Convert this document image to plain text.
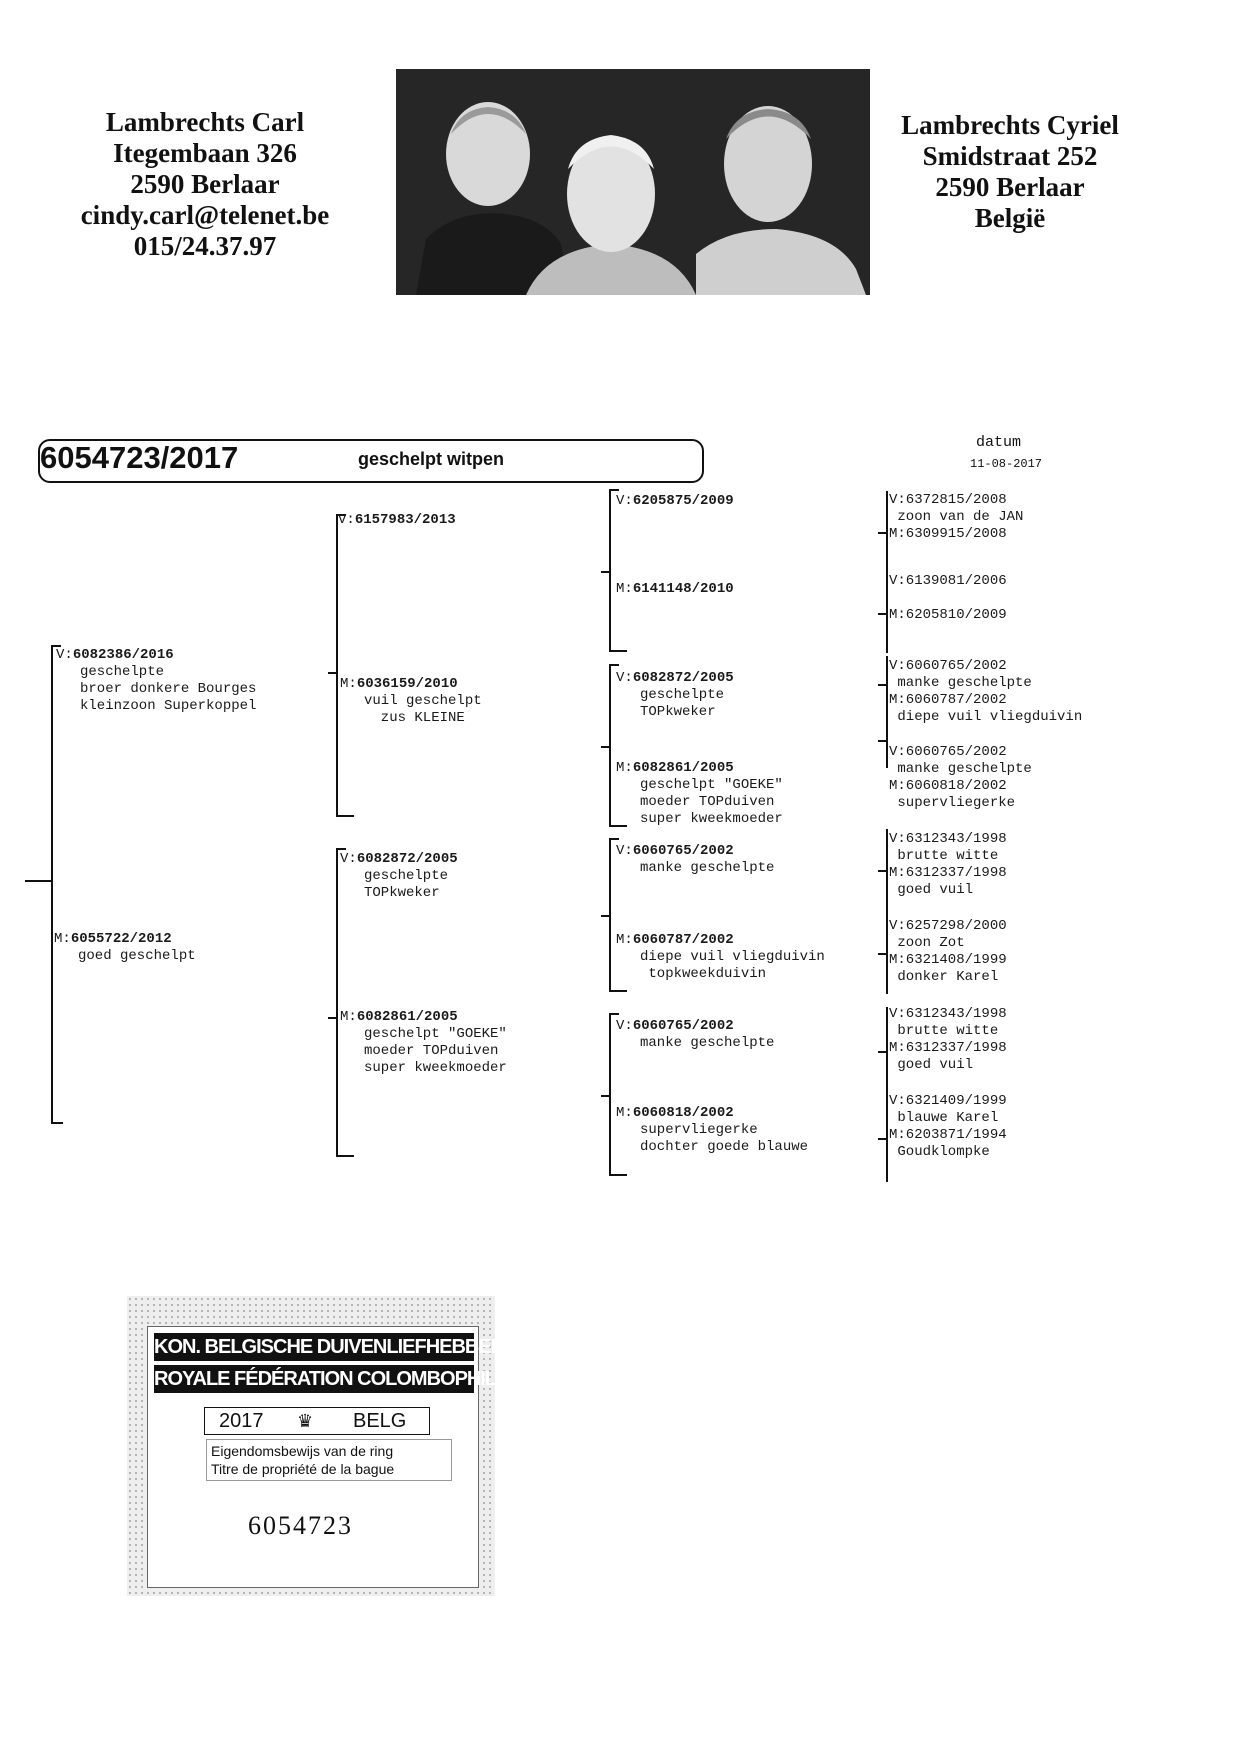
Lambrechts Carl
Itegembaan 326
2590 Berlaar
cindy.carl@telenet.be
015/24.37.97
Lambrechts Cyriel
Smidstraat 252
2590 Berlaar
België
6054723/2017	geschelpt witpen
datum
11-08-2017
V:6082386/2016
geschelpte
broer donkere Bourges
kleinzoon Superkoppel
M:6055722/2012
goed geschelpt
V:6157983/2013
M:6036159/2010
vuil geschelpt
zus KLEINE
V:6082872/2005
geschelpte
TOPkweker
M:6082861/2005
geschelpt "GOEKE"
moeder TOPduiven
super kweekmoeder
V:6205875/2009
M:6141148/2010
V:6082872/2005
geschelpte
TOPkweker
M:6082861/2005
geschelpt "GOEKE"
moeder TOPduiven
super kweekmoeder
V:6060765/2002
manke geschelpte
M:6060787/2002
diepe vuil vliegduivin
topkweekduivin
V:6060765/2002
manke geschelpte
M:6060818/2002
supervliegerke
dochter goede blauwe
V:6372815/2008
zoon van de JAN
M:6309915/2008
V:6139081/2006

M:6205810/2009
V:6060765/2002
manke geschelpte
M:6060787/2002
diepe vuil vliegduivin
V:6060765/2002
manke geschelpte
M:6060818/2002
supervliegerke
V:6312343/1998
brutte witte
M:6312337/1998
goed vuil
V:6257298/2000
zoon Zot
M:6321408/1999
donker Karel
V:6312343/1998
brutte witte
M:6312337/1998
goed vuil
V:6321409/1999
blauwe Karel
M:6203871/1994
Goudklompke
KON. BELGISCHE DUIVENLIEFHEBBERSBOND
ROYALE FÉDÉRATION COLOMBOPHILE BELGE
2017 ♛ BELG
Eigendomsbewijs van de ring
Titre de propriété de la bague
6054723
